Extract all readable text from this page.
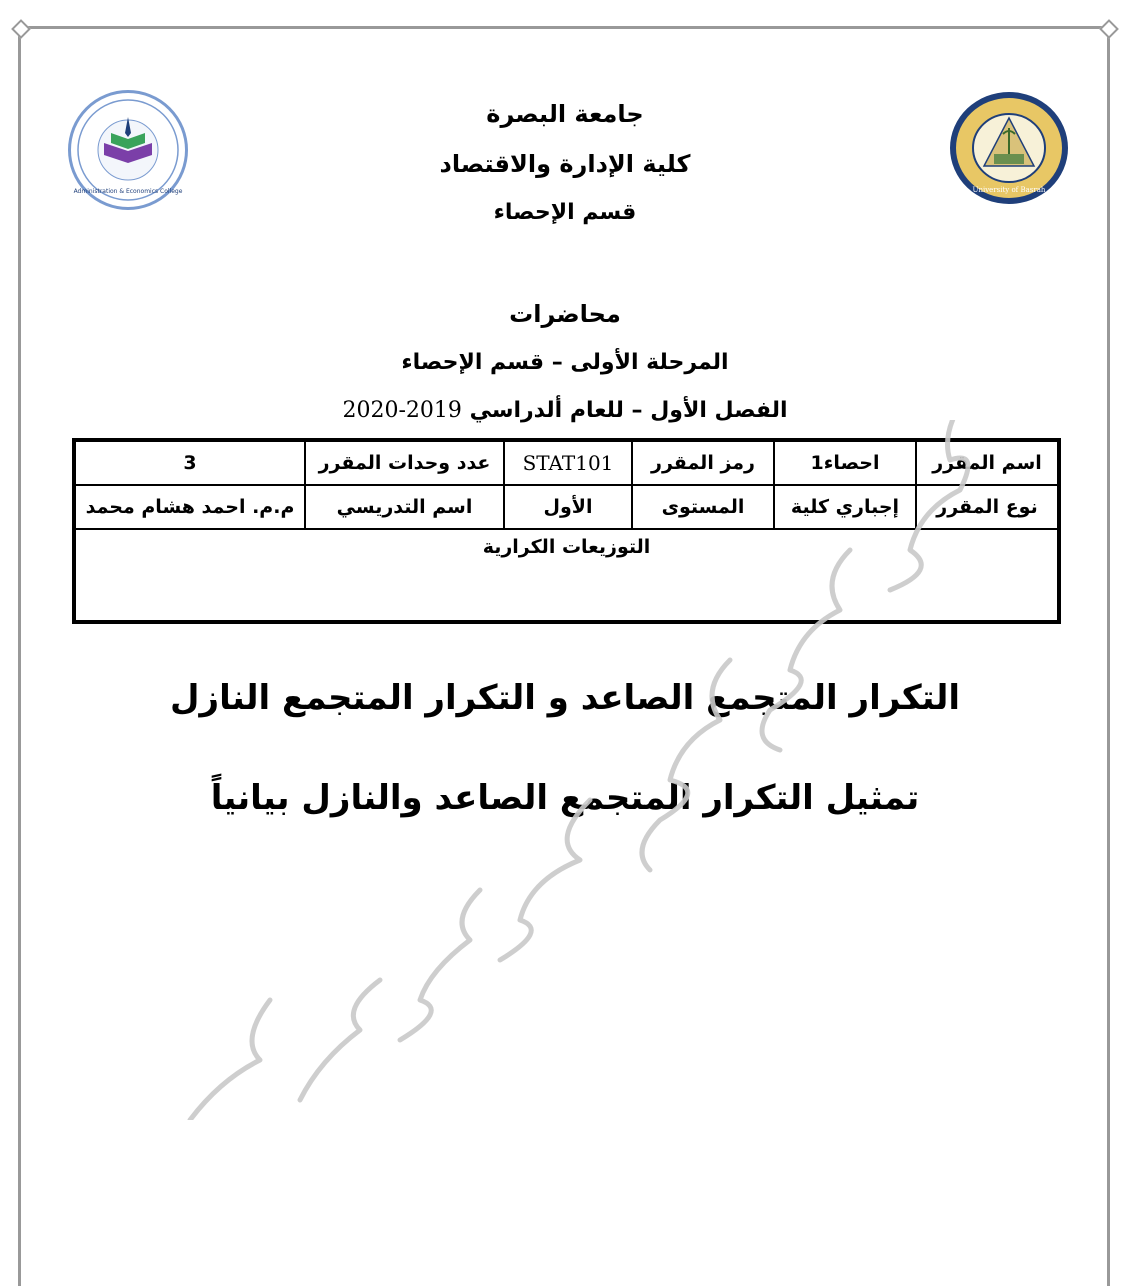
Administration & Economics College	University of Basrah
جامعة البصرة
كلية الإدارة والاقتصاد
قسم الإحصاء
محاضرات
المرحلة الأولى – قسم الإحصاء
الفصل الأول – للعام ألدراسي 2019-2020
اسم المقرر	احصاء1	رمز المقرر	STAT101	عدد وحدات المقرر	3
نوع المقرر	إجباري كلية	المستوى	الأول	اسم التدريسي	م.م. احمد هشام محمد
التوزيعات الكرارية					
التكرار المتجمع الصاعد و التكرار المتجمع النازل
تمثيل التكرار المتجمع الصاعد والنازل بيانياً
